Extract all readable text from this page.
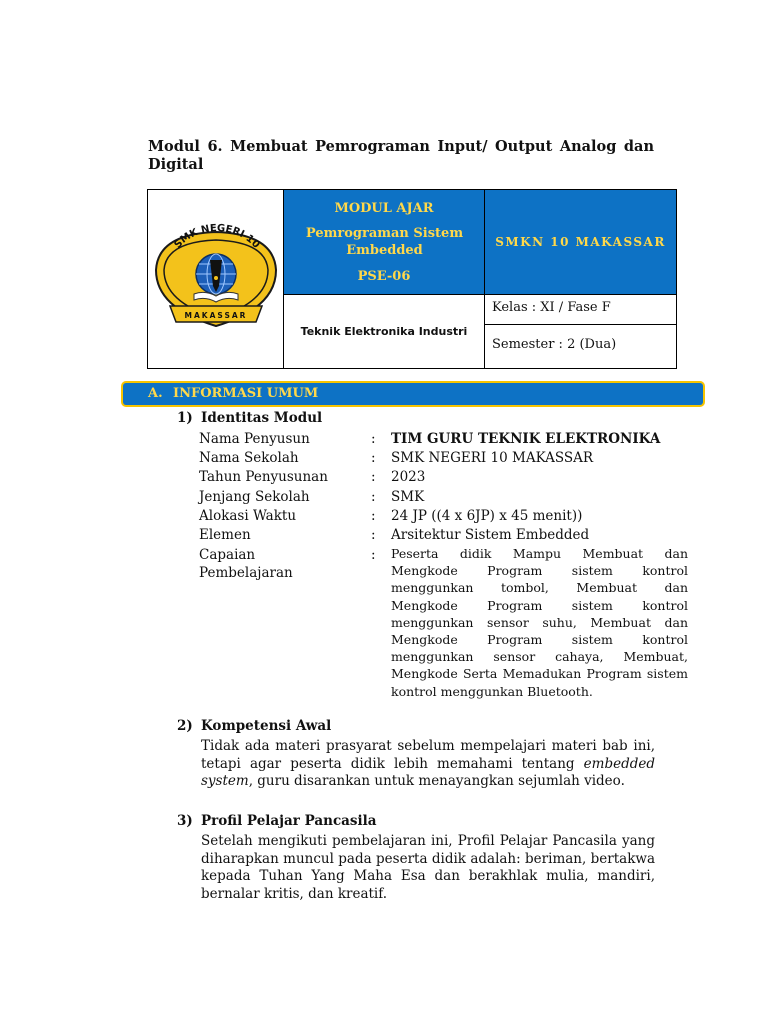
Modul 6. Membuat Pemrograman Input/ Output Analog dan Digital
SMK NEGERI 10
MAKASSAR
MODUL AJAR
Pemrograman Sistem Embedded
PSE-06
SMKN 10 MAKASSAR
Teknik Elektronika Industri
Kelas : XI / Fase F
Semester : 2 (Dua)
A. INFORMASI UMUM
1) Identitas Modul
Nama Penyusun	: TIM GURU TEKNIK ELEKTRONIKA
Nama Sekolah	: SMK NEGERI 10 MAKASSAR
Tahun Penyusunan	: 2023
Jenjang Sekolah	: SMK
Alokasi Waktu	: 24 JP ((4 x 6JP) x 45 menit))
Elemen	: Arsitektur Sistem Embedded
Capaian
Pembelajaran
: Peserta didik Mampu Membuat dan Mengkode Program sistem kontrol menggunkan tombol, Membuat dan Mengkode Program sistem kontrol menggunkan sensor suhu, Membuat dan Mengkode Program sistem kontrol menggunkan sensor cahaya, Membuat, Mengkode Serta Memadukan Program sistem kontrol menggunkan Bluetooth.
2) Kompetensi Awal
Tidak ada materi prasyarat sebelum mempelajari materi bab ini, tetapi agar peserta didik lebih memahami tentang embedded system, guru disarankan untuk menayangkan sejumlah video.
3) Profil Pelajar Pancasila
Setelah mengikuti pembelajaran ini, Profil Pelajar Pancasila yang diharapkan muncul pada peserta didik adalah: beriman, bertakwa kepada Tuhan Yang Maha Esa dan berakhlak mulia, mandiri, bernalar kritis, dan kreatif.
